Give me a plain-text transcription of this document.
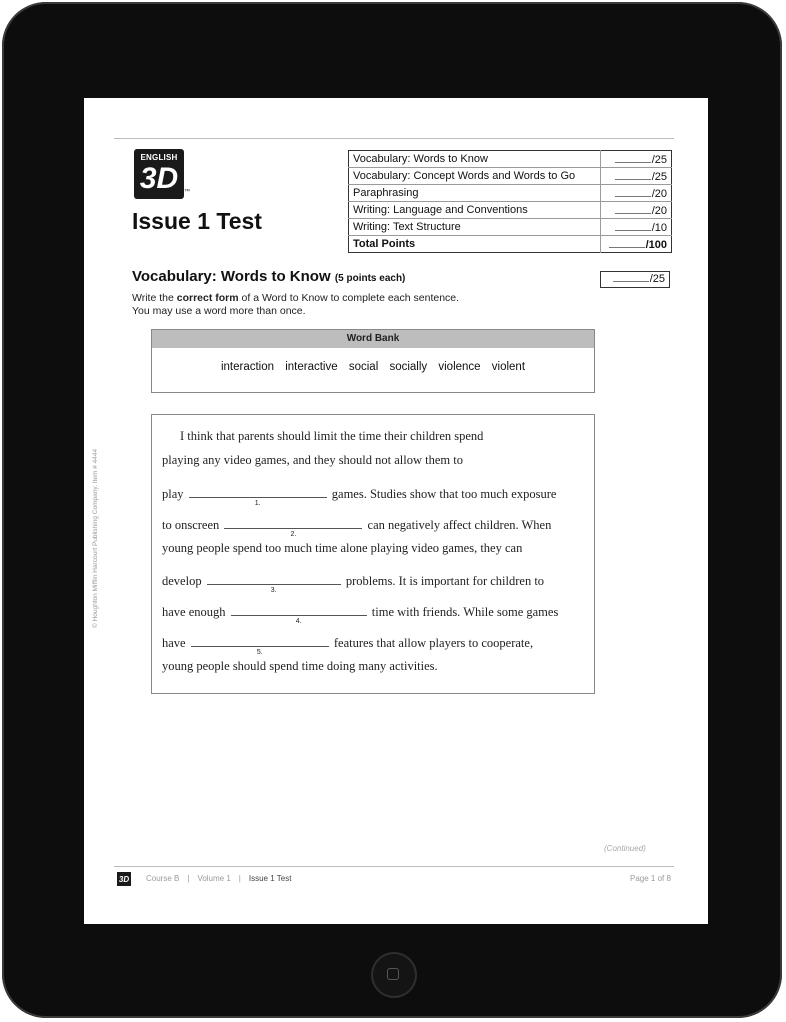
ENGLISH
3D ™
Issue 1 Test
Vocabulary: Words to Know	/25
Vocabulary: Concept Words and Words to Go	/25
Paraphrasing	/20
Writing: Language and Conventions	/20
Writing: Text Structure	/10
Total Points	/100
Vocabulary: Words to Know (5 points each)	/25
Write the correct form of a Word to Know to complete each sentence.
You may use a word more than once.
Word Bank
interaction interactive social socially violence violent
I think that parents should limit the time their children spend
playing any video games, and they should not allow them to
play
1.
games. Studies show that too much exposure
to onscreen
2.
can negatively affect children. When
young people spend too much time alone playing video games, they can
develop
3.
problems. It is important for children to
have enough
4.
time with friends. While some games
have
5.
features that allow players to cooperate,
young people should spend time doing many activities.
© Houghton Mifflin Harcourt Publishing Company. Item # 4444
(Continued)
3D Course B | Volume 1 | Issue 1 Test	Page 1 of 8
